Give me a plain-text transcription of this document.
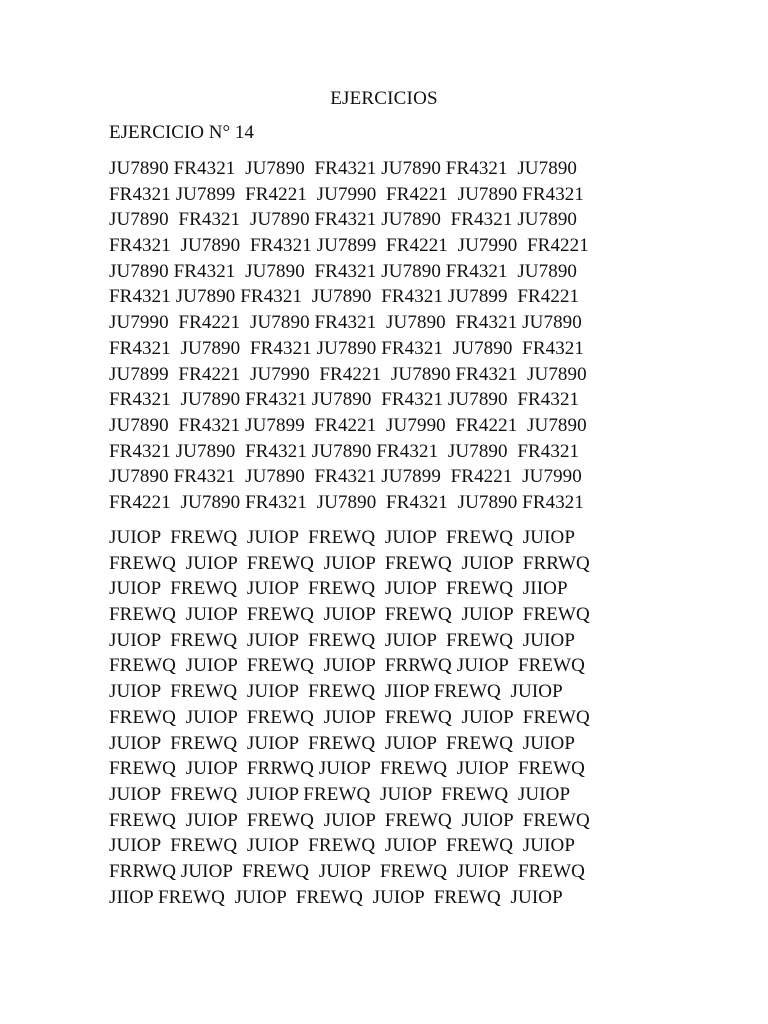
EJERCICIOS
EJERCICIO N° 14
JU7890 FR4321  JU7890  FR4321 JU7890 FR4321  JU7890
FR4321 JU7899  FR4221  JU7990  FR4221  JU7890 FR4321
JU7890  FR4321  JU7890 FR4321 JU7890  FR4321 JU7890
FR4321  JU7890  FR4321 JU7899  FR4221  JU7990  FR4221
JU7890 FR4321  JU7890  FR4321 JU7890 FR4321  JU7890
FR4321 JU7890 FR4321  JU7890  FR4321 JU7899  FR4221
JU7990  FR4221  JU7890 FR4321  JU7890  FR4321 JU7890
FR4321  JU7890  FR4321 JU7890 FR4321  JU7890  FR4321
JU7899  FR4221  JU7990  FR4221  JU7890 FR4321  JU7890
FR4321  JU7890 FR4321 JU7890  FR4321 JU7890  FR4321
JU7890  FR4321 JU7899  FR4221  JU7990  FR4221  JU7890
FR4321 JU7890  FR4321 JU7890 FR4321  JU7890  FR4321
JU7890 FR4321  JU7890  FR4321 JU7899  FR4221  JU7990
FR4221  JU7890 FR4321  JU7890  FR4321  JU7890 FR4321
JUIOP  FREWQ  JUIOP  FREWQ  JUIOP  FREWQ  JUIOP
FREWQ  JUIOP  FREWQ  JUIOP  FREWQ  JUIOP  FRRWQ
JUIOP  FREWQ  JUIOP  FREWQ  JUIOP  FREWQ  JIIOP
FREWQ  JUIOP  FREWQ  JUIOP  FREWQ  JUIOP  FREWQ
JUIOP  FREWQ  JUIOP  FREWQ  JUIOP  FREWQ  JUIOP
FREWQ  JUIOP  FREWQ  JUIOP  FRRWQ JUIOP  FREWQ
JUIOP  FREWQ  JUIOP  FREWQ  JIIOP FREWQ  JUIOP
FREWQ  JUIOP  FREWQ  JUIOP  FREWQ  JUIOP  FREWQ
JUIOP  FREWQ  JUIOP  FREWQ  JUIOP  FREWQ  JUIOP
FREWQ  JUIOP  FRRWQ JUIOP  FREWQ  JUIOP  FREWQ
JUIOP  FREWQ  JUIOP FREWQ  JUIOP  FREWQ  JUIOP
FREWQ  JUIOP  FREWQ  JUIOP  FREWQ  JUIOP  FREWQ
JUIOP  FREWQ  JUIOP  FREWQ  JUIOP  FREWQ  JUIOP
FRRWQ JUIOP  FREWQ  JUIOP  FREWQ  JUIOP  FREWQ
JIIOP FREWQ  JUIOP  FREWQ  JUIOP  FREWQ  JUIOP
